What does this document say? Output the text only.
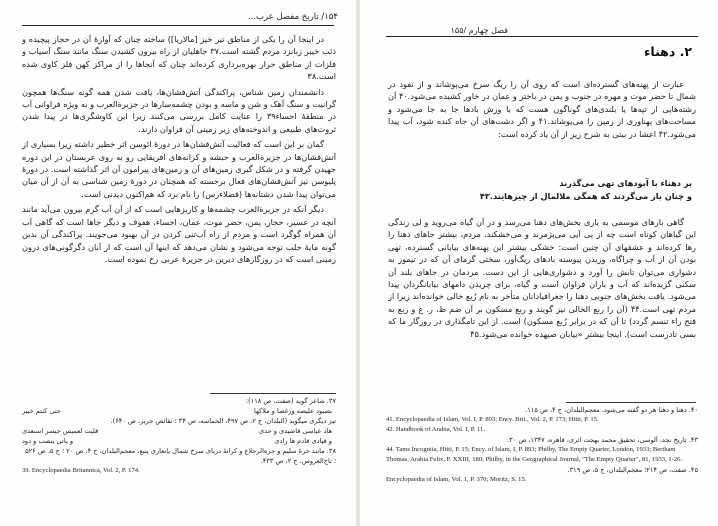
۱۵۴/ تاریخ مفصل عرب...

در اینجا آن را یکی از مناطق تیر خیز [مالاریا]) ساخته چنان که آوازهٔ آن در حجاز پیچیده و ذئب خیبر زبانزد مردم گشته است.۳۷ جاهلیان از راه بیرون کشیدن سنگ مانند سنگ آسیاب و فلزات از مناطق حرار بهره‌برداری کرده‌اند چنان که آنجاها را از مراکز کهن فلز کاوی شده است.۳۸

دانشمندان زمین شناس، پراکندگی آتش‌فشان‌ها، یافت شدن همه گونه سنگ‌ها همچون گرانیت و سنگ آهک و شن و ماسه و بودن چشمه‌سارها در جزیرة‌العرب و به ویژه فراوانی آب در منطقهٔ احساء۳۹ را عنایت کامل بررسی می‌کنند زیرا این کاوشگری‌ها در پیدا شدن ثروت‌های طبیعی و اندوخته‌های زیر زمینی آن فراوان دارند.

گمان بر این است که فعالیت آتش‌فشان‌ها در دورهٔ ائوسن اثر خطیر داشته زیرا بسیاری از آتش‌فشان‌ها در جزیرة‌العرب و حبشه و کرانه‌های افریقایی رو به روی عربستان در این دوره جهیدن گرفته و در شکل گیری زمین‌های آن و زمین‌های پیرامون آن اثر گذاشته است. در دورهٔ پلیوسن نیز آتش‌فشان‌های فعال برجسته که همچنان در دورهٔ زمین شناسی به آن از آن میان می‌توان پیدا شدن دشتانه‌ها (فضلاءرس) را نام برد که هم‌اکنون دیدنی است.

دیگر آنکه در جزیرة‌العرب چشمه‌ها و کاریزهایی است که از آن آب گرم بیرون می‌آید مانند آنچه در عسیر، حجاز، یمن، حضر موت، عمان، احساء، هفوف و دیگر جاها است که گاهی آب آن همراه گوگرد است و مردم از راه آب‌تنی کردن در آن بهبود می‌جویند. پراکندگی آن بدین گونه مایهٔ جلب توجه می‌شود و نشان می‌دهد که اینها آن است که از آنان دگرگونی‌های درون زمینی است که در روزگارهای دیرین در جزیرهٔ عربی رخ نموده است.

۳۷. شاعر گوید (صفت، ص ۱۱۸):

بصبود علیصه ورغصا و ملاکها
حتی کنتم خیبر

تیز دیگری میگوید (البلدان، ج ۲، ص ۴۹۷، الحماسه، ص ۳۴ ؛ تقائص جریر، ص ۶۴۰).

هاد عباسی قاصیدی و حدی
قلیت لعمیس حیسر اسنعدی
و قیادی قادم ها رادی
و یاتی ینصب و دود

۳۸. مانند حرهٔ سلیم و حره‌الرجلاع و کرانهٔ دریای سرخ شمال یانعاری پنبع، معجم‌البلدان، ج ۴، ص ۲۰ ؛ ج ۵، ص ۵۲۶ ؛ تاج‌العروس، ج ۲، ص ۴۳۳.

39. Encyclopaedia Britannica, Vol. 2, P. 174.

فصل چهارم /۱۵۵
۲. دهناء

عبارت از پهنه‌های گسترده‌ای است که روی آن را ریگ سرخ می‌پوشاند و از نفود در شمال تا حضر موت و مهره در جنوب و یمن در باختر و عمان در خاور کشیده می‌شود.۴۰ آن رشته‌هایی از تپه‌ها یا بلندی‌های گوناگون هست که با وزش بادها جا به جا می‌شود و مساحت‌های پهناوری از زمین را می‌پوشاند.۴۱ و اگر دشت‌های آن جاه کنده شود، آب پیدا می‌شود.۴۲ اعشا در بیتی به شرح زیر از آن یاد کرده است:

بر دهناء با آبودهای تهی می‌گذرند
و چنان باز می‌گردند که همگی ملالمال از چیزهایند.۴۳

گاهی بارهای موسمی به یاری بخش‌های دهنا می‌رسد و در آن گیاه می‌روید و لی زندگی این گیاهان کوتاه است چه از پی آیی می‌پژمرند و می‌خشکند. مردم، بیشتر جاهای دهنا را رها کرده‌اند و عشقهای آن چنین است: خشکی بیشتر این پهنه‌های بیابانی گسترده، تهی بودن آن از آب و چراگاه، وزیدن پیوسته بادهای ریگ‌آور، سختی گرمای آن که در تیموز به دشواری می‌توان تابش را آورد و دشواری‌هایی از این دست. مردمان در جاهای بلند آن سکنی گزیده‌اند که آب و باران فراوان است و گیاه، برای چریدن دامهای بیابانگردان پیدا می‌شود. یافت بخش‌های جنوبی دهنا را جغرافیادانان متأخر به نام رُبع خالی خوانده‌اند زیرا از مردم تهی است.۴۴ (آن را ربع الخالی نیز گویند و ربع مسکون بر آن ضم ظ، ر. ع و ربع به فتح راء تنسم گردد) تا آن که در برابر رُبع مسکون) است. از این تامگذاری در روزگار ما که بسی تادرست است). اینجا بیشتر «بیابان صیهده خوانده می‌شود.۴۵

۴۰. دهنا و دهنا هر دو گفته می‌شود، معجم‌البلدان، ج ۴، ص ۱۱۵.

41. Encyclopaedia of Islam, Vol. I, P. 893; Ency. Brit., Vol. 2, P. 173; Hitti, P. 15.

42. Handbook of Arabia, Vol. I, P. 11.

۴۳. تاریخ نجد، آلوسی، تحقیق محمد بهجت اثری، قاهره، ۱۳۴۷، ص ۳۰.

44. Tams Incognita, Hitti, P. 15; Ency. of Islam, I, P. 893; Philby, The Empty Quarter, London, 1933; Bertham Thomas, Arabia Felix, P. XXIII, 180; Philby, in the Geographical Journal, "The Empty Quarter", 81, 1933, 1-26.

۴۵. صفت، ص ۲۱۴؛ معجم‌البلدان، ج ۵، ص ۳۱۹.

Encyclopaedia of Islam, Vol. 1, P. 370; Moritz, S. 15.
